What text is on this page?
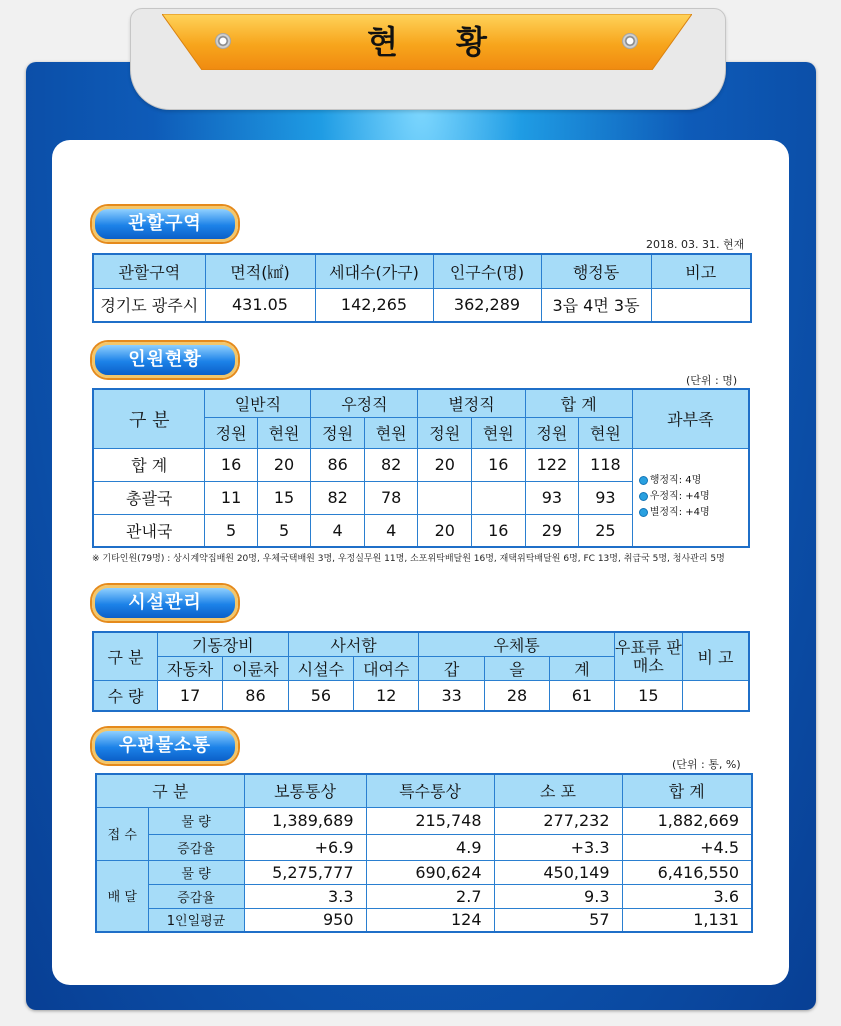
현황
관할구역
2018. 03. 31. 현재
관할구역	면적(㎢)	세대수(가구)	인구수(명)	행정동	비고
경기도 광주시	431.05	142,265	362,289	3읍 4면 3동	
인원현황
(단위 : 명)
구 분	일반직		우정직		별정직		합 계		과부족
	정원	현원	정원	현원	정원	현원	정원	현원	
합 계	16	20	86	82	20	16	122	118	행정직: 4명
우정직: +4명
별정직: +4명

총괄국	11	15	82	78			93	93	
관내국	5	5	4	4	20	16	29	25	
※ 기타인원(79명) : 상시계약집배원 20명, 우체국택배원 3명, 우정실무원 11명, 소포위탁배달원 16명, 재택위탁배달원 6명, FC 13명, 취급국 5명, 청사관리 5명
시설관리
구 분	기동장비		사서함		우체통			우표류 판매소	비 고
	자동차	이륜차	시설수	대여수	갑	을	계		
수 량	17	86	56	12	33	28	61	15	
우편물소통
(단위 : 통, %)
구 분		보통통상	특수통상	소 포	합 계
접 수	물 량	1,389,689	215,748	277,232	1,882,669
	증감율	+6.9	4.9	+3.3	+4.5
배 달	물 량	5,275,777	690,624	450,149	6,416,550
	증감율	3.3	2.7	9.3	3.6
	1인일평균	950	124	57	1,131
